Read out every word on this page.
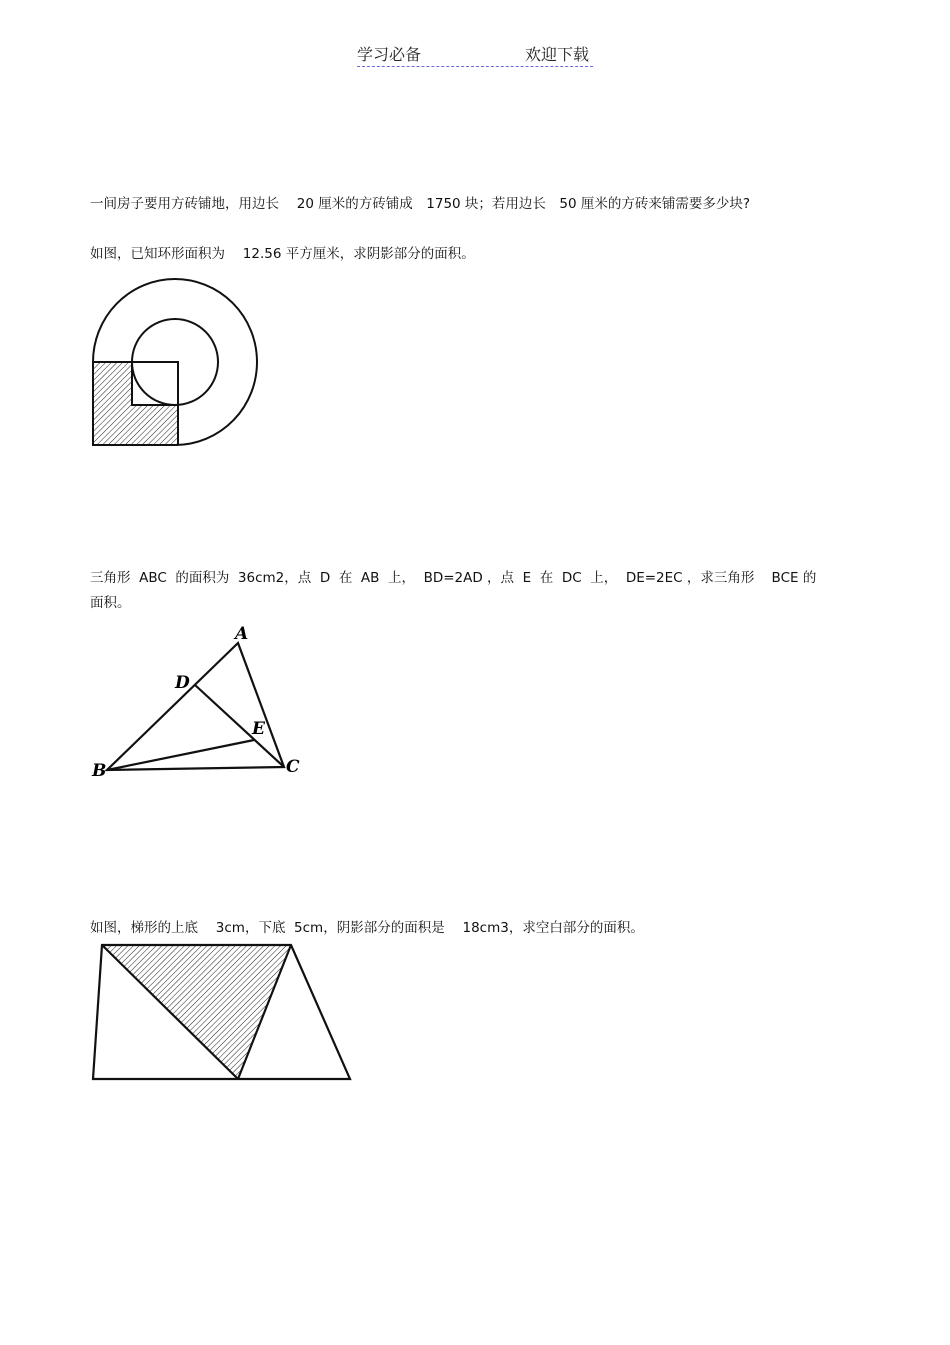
学习必备	欢迎下载
一间房子要用方砖铺地，用边长　 20 厘米的方砖铺成　1750 块；若用边长　50 厘米的方砖来铺需要多少块?
如图，已知环形面积为　 12.56 平方厘米，求阴影部分的面积。
三角形  ABC  的面积为  36cm2，点  D  在  AB  上，  BD=2AD ，点  E  在  DC  上，  DE=2EC ，求三角形    BCE 的
面积。
A
B	C
D
E
如图，梯形的上底　 3cm，下底  5cm，阴影部分的面积是　 18cm3，求空白部分的面积。
